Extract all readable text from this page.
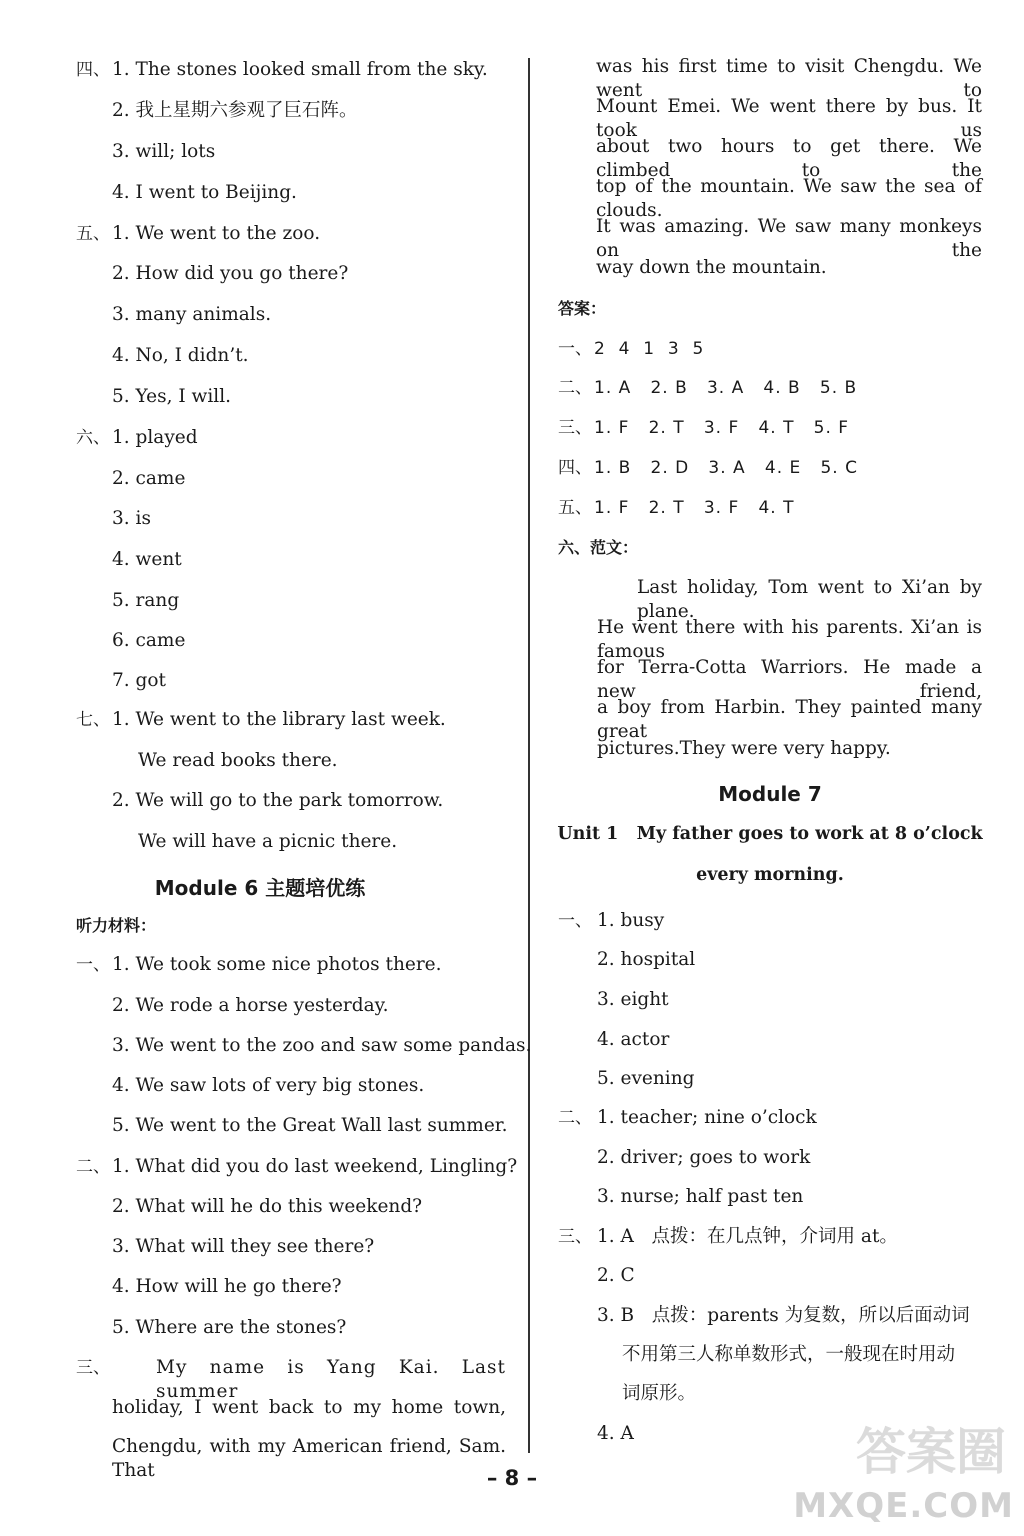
四、 1. The stones looked small from the sky.
2. 我上星期六参观了巨石阵。
3. will; lots
4. I went to Beijing.
五、 1. We went to the zoo.
2. How did you go there?
3. many animals.
4. No, I didn’t.
5. Yes, I will.
六、 1. played
2. came
3. is
4. went
5. rang
6. came
7. got
七、 1. We went to the library last week.
We read books there.
2. We will go to the park tomorrow.
We will have a picnic there.
Module 6 主题培优练
听力材料：
一、 1. We took some nice photos there.
2. We rode a horse yesterday.
3. We went to the zoo and saw some pandas.
4. We saw lots of very big stones.
5. We went to the Great Wall last summer.
二、 1. What did you do last weekend, Lingling?
2. What will he do this weekend?
3. What will they see there?
4. How will he go there?
5. Where are the stones?
三、 My name is Yang Kai. Last summer
holiday, I went back to my home town,
Chengdu, with my American friend, Sam. That
was his first time to visit Chengdu. We went to
Mount Emei. We went there by bus. It took us
about two hours to get there. We climbed to the
top of the mountain. We saw the sea of clouds.
It was amazing. We saw many monkeys on the
way down the mountain.
答案：
一、 2  4  1  3  5
二、 1. A   2. B   3. A   4. B   5. B
三、 1. F   2. T   3. F   4. T   5. F
四、 1. B   2. D   3. A   4. E   5. C
五、 1. F   2. T   3. F   4. T
六、范文：
Last holiday, Tom went to Xi’an by plane.
He went there with his parents. Xi’an is famous
for Terra-Cotta Warriors. He made a new friend,
a boy from Harbin. They painted many great
pictures.They were very happy.
Module 7
Unit 1   My father goes to work at 8 o’clock
every morning.
一、 1. busy
2. hospital
3. eight
4. actor
5. evening
二、 1. teacher; nine o’clock
2. driver; goes to work
3. nurse; half past ten
三、 1. A   点拨：在几点钟，介词用 at。
2. C
3. B   点拨：parents 为复数，所以后面动词
不用第三人称单数形式，一般现在时用动
词原形。
4. A
– 8 –	答案圈
MXQE.COM
